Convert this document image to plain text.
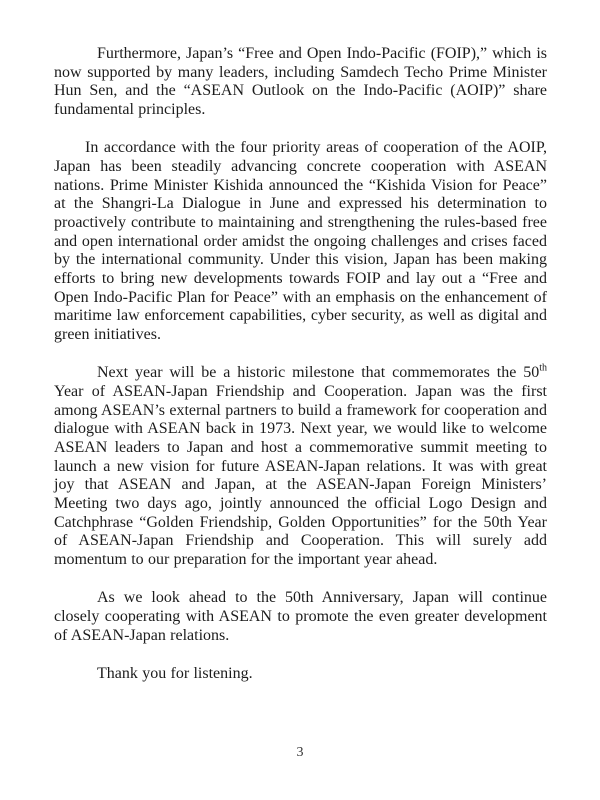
Furthermore, Japan’s “Free and Open Indo-Pacific (FOIP),” which is now supported by many leaders, including Samdech Techo Prime Minister Hun Sen, and the “ASEAN Outlook on the Indo-Pacific (AOIP)” share fundamental principles.

In accordance with the four priority areas of cooperation of the AOIP, Japan has been steadily advancing concrete cooperation with ASEAN nations. Prime Minister Kishida announced the “Kishida Vision for Peace” at the Shangri-La Dialogue in June and expressed his determination to proactively contribute to maintaining and strengthening the rules-based free and open international order amidst the ongoing challenges and crises faced by the international community. Under this vision, Japan has been making efforts to bring new developments towards FOIP and lay out a “Free and Open Indo-Pacific Plan for Peace” with an emphasis on the enhancement of maritime law enforcement capabilities, cyber security, as well as digital and green initiatives.

Next year will be a historic milestone that commemorates the 50th Year of ASEAN-Japan Friendship and Cooperation. Japan was the first among ASEAN’s external partners to build a framework for cooperation and dialogue with ASEAN back in 1973. Next year, we would like to welcome ASEAN leaders to Japan and host a commemorative summit meeting to launch a new vision for future ASEAN-Japan relations. It was with great joy that ASEAN and Japan, at the ASEAN-Japan Foreign Ministers’ Meeting two days ago, jointly announced the official Logo Design and Catchphrase “Golden Friendship, Golden Opportunities” for the 50th Year of ASEAN-Japan Friendship and Cooperation. This will surely add momentum to our preparation for the important year ahead.

As we look ahead to the 50th Anniversary, Japan will continue closely cooperating with ASEAN to promote the even greater development of ASEAN-Japan relations.

Thank you for listening.

3
